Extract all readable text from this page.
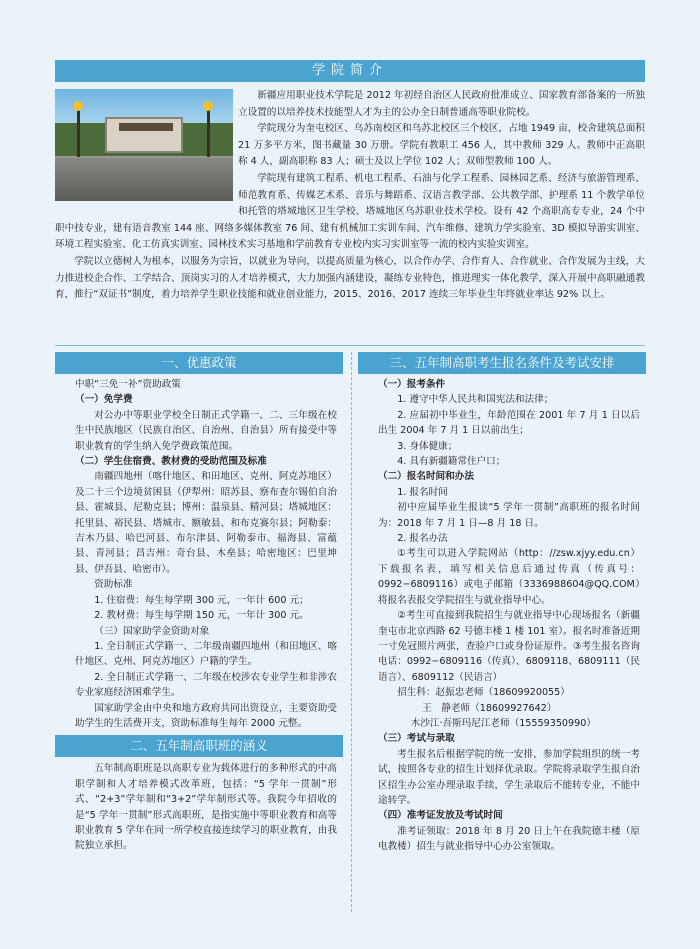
学院简介

新疆应用职业技术学院是 2012 年初经自治区人民政府批准成立、国家教育部备案的一所独立设置的以培养技术技能型人才为主的公办全日制普通高等职业院校。

学院现分为奎屯校区、乌苏南校区和乌苏北校区三个校区，占地 1949 亩，校舍建筑总面积 21 万多平方米，图书藏量 30 万册。学院有教职工 456 人，其中教师 329 人。教师中正高职称 4 人，副高职称 83 人；硕士及以上学位 102 人；双师型教师 100 人。

学院现有建筑工程系、机电工程系、石油与化学工程系、园林园艺系、经济与旅游管理系、师范教育系、传媒艺术系、音乐与舞蹈系、汉语言教学部、公共教学部、护理系 11 个教学单位和托管的塔城地区卫生学校、塔城地区乌苏职业技术学校。设有 42 个高职高专专业，24 个中职中技专业，建有语音教室 144 座、网络多媒体教室 76 间、建有机械加工实训车间、汽车维修、建筑力学实验室、3D 模拟导游实训室、环境工程实验室、化工仿真实训室、园林技术实习基地和学前教育专业校内实习实训室等一流的校内实验实训室。

学院以立德树人为根本，以服务为宗旨，以就业为导向，以提高质量为核心，以合作办学、合作育人、合作就业、合作发展为主线，大力推进校企合作、工学结合、顶岗实习的人才培养模式，大力加强内涵建设，凝练专业特色，推进理实一体化教学，深入开展中高职融通教育，推行“双证书”制度，着力培养学生职业技能和就业创业能力，2015、2016、2017 连续三年毕业生年终就业率达 92% 以上。

一、优惠政策

中职“三免一补”资助政策

（一）免学费

对公办中等职业学校全日制正式学籍一、二、三年级在校生中民族地区（民族自治区、自治州、自治县）所有接受中等职业教育的学生纳入免学费政策范围。

（二）学生住宿费、教材费的受助范围及标准

南疆四地州（喀什地区、和田地区、克州、阿克苏地区）及二十三个边境贫困县（伊犁州：昭苏县、察布查尔锡伯自治县、霍城县、尼勒克县；博州：温泉县、精河县；塔城地区：托里县、裕民县、塔城市、额敏县、和布克赛尔县；阿勒泰：吉木乃县、哈巴河县、布尔津县、阿勒泰市、福海县、富蕴县、青河县；昌吉州：奇台县、木垒县；哈密地区：巴里坤县、伊吾县、哈密市）。

资助标准

1. 住宿费：每生每学期 300 元，一年计 600 元；

2. 教材费：每生每学期 150 元，一年计 300 元。

（三）国家助学金资助对象

1. 全日制正式学籍一、二年级南疆四地州（和田地区、喀什地区、克州、阿克苏地区）户籍的学生。

2. 全日制正式学籍一、二年级在校涉农专业学生和非涉农专业家庭经济困难学生。

国家助学金由中央和地方政府共同出资设立，主要资助受助学生的生活费开支，资助标准每生每年 2000 元整。

二、五年制高职班的涵义

五年制高职班是以高职专业为载体进行的多种形式的中高职学制和人才培养模式改革班，包括：“5 学年一贯制”形式、“2+3”学年制和“3+2”学年制形式等。我院今年招收的是“5 学年一贯制”形式高职班，是指实施中等职业教育和高等职业教育 5 学年在同一所学校直接连续学习的职业教育，由我院独立承担。

三、五年制高职考生报名条件及考试安排

（一）报考条件

1. 遵守中华人民共和国宪法和法律；

2. 应届初中毕业生，年龄范围在 2001 年 7 月 1 日以后出生 2004 年 7 月 1 日以前出生；

3. 身体健康；

4. 具有新疆籍常住户口；

（二）报名时间和办法

1. 报名时间

初中应届毕业生报读“5 学年一贯制”高职班的报名时间为：2018 年 7 月 1 日—8 月 18 日。

2. 报名办法

①考生可以进入学院网站（http：//zsw.xjyy.edu.cn）下载报名表，填写相关信息后通过传真（传真号：0992−6809116）或电子邮箱（3336988604@QQ.COM）将报名表报交学院招生与就业指导中心。

②考生可直接到我院招生与就业指导中心现场报名（新疆奎屯市北京西路 62 号德丰楼 1 楼 101 室）。报名时准备近期一寸免冠照片两张，查验户口或身份证原件。③考生报名咨询电话：0992−6809116（传真）、6809118、6809111（民语言）、6809112（民语言）

招生科：赵振忠老师（18609920055）

王　静老师（18609927642）

木沙江·吾斯玛尼江老师（15559350990）

（三）考试与录取

考生报名后根据学院的统一安排，参加学院组织的统一考试，按照各专业的招生计划择优录取。学院将录取学生报自治区招生办公室办理录取手续，学生录取后不能转专业，不能中途转学。

（四）准考证发放及考试时间

准考证领取：2018 年 8 月 20 日上午在我院德丰楼（原电教楼）招生与就业指导中心办公室领取。
